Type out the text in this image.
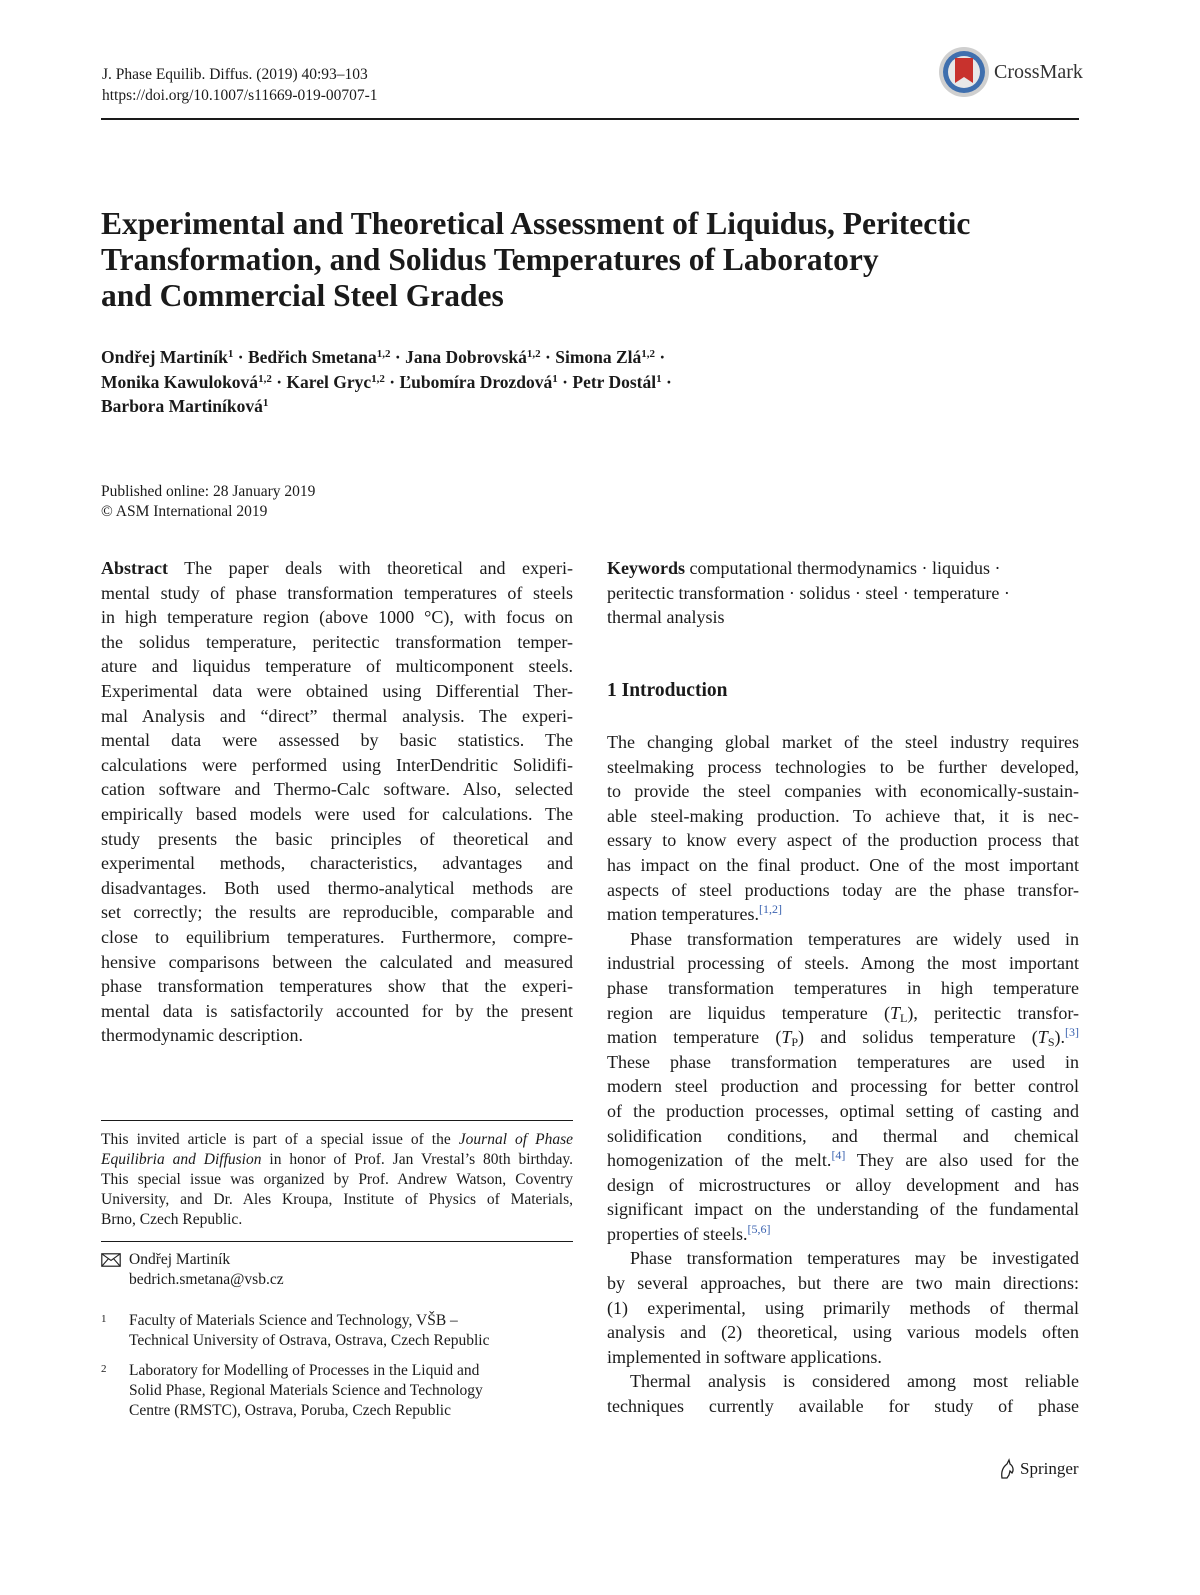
J. Phase Equilib. Diffus. (2019) 40:93–103
https://doi.org/10.1007/s11669-019-00707-1
CrossMark
Experimental and Theoretical Assessment of Liquidus, Peritectic
Transformation, and Solidus Temperatures of Laboratory
and Commercial Steel Grades
Ondřej Martiník$^1$ · Bedřich Smetana$^{1,2}$ · Jana Dobrovská$^{1,2}$ · Simona Zlá$^{1,2}$ ·
Monika Kawuloková$^{1,2}$ · Karel Gryc$^{1,2}$ · Ľubomíra Drozdová$^1$ · Petr Dostál$^1$ ·
Barbora Martiníková$^1$
Published online: 28 January 2019
© ASM International 2019
Abstract The paper deals with theoretical and experi-
mental study of phase transformation temperatures of steels
in high temperature region (above 1000 °C), with focus on
the solidus temperature, peritectic transformation temper-
ature and liquidus temperature of multicomponent steels.
Experimental data were obtained using Differential Ther-
mal Analysis and “direct” thermal analysis. The experi-
mental data were assessed by basic statistics. The
calculations were performed using InterDendritic Solidifi-
cation software and Thermo-Calc software. Also, selected
empirically based models were used for calculations. The
study presents the basic principles of theoretical and
experimental methods, characteristics, advantages and
disadvantages. Both used thermo-analytical methods are
set correctly; the results are reproducible, comparable and
close to equilibrium temperatures. Furthermore, compre-
hensive comparisons between the calculated and measured
phase transformation temperatures show that the experi-
mental data is satisfactorily accounted for by the present
thermodynamic description.
This invited article is part of a special issue of the Journal of Phase
Equilibria and Diffusion in honor of Prof. Jan Vrestal’s 80th birthday.
This special issue was organized by Prof. Andrew Watson, Coventry
University, and Dr. Ales Kroupa, Institute of Physics of Materials,
Brno, Czech Republic.
Ondřej Martiník
bedrich.smetana@vsb.cz
1 Faculty of Materials Science and Technology, VŠB –
Technical University of Ostrava, Ostrava, Czech Republic
2 Laboratory for Modelling of Processes in the Liquid and
Solid Phase, Regional Materials Science and Technology
Centre (RMSTC), Ostrava, Poruba, Czech Republic
Keywords computational thermodynamics · liquidus ·
peritectic transformation · solidus · steel · temperature ·
thermal analysis
1 Introduction
The changing global market of the steel industry requires
steelmaking process technologies to be further developed,
to provide the steel companies with economically-sustain-
able steel-making production. To achieve that, it is nec-
essary to know every aspect of the production process that
has impact on the final product. One of the most important
aspects of steel productions today are the phase transfor-
mation temperatures.[1,2]
Phase transformation temperatures are widely used in
industrial processing of steels. Among the most important
phase transformation temperatures in high temperature
region are liquidus temperature $(T_L)$, peritectic transfor-
mation temperature $(T_P)$ and solidus temperature $(T_S).[3]$
These phase transformation temperatures are used in
modern steel production and processing for better control
of the production processes, optimal setting of casting and
solidification conditions, and thermal and chemical
homogenization of the melt.[4] They are also used for the
design of microstructures or alloy development and has
significant impact on the understanding of the fundamental
properties of steels.[5,6]
Phase transformation temperatures may be investigated
by several approaches, but there are two main directions:
(1) experimental, using primarily methods of thermal
analysis and (2) theoretical, using various models often
implemented in software applications.
Thermal analysis is considered among most reliable
techniques currently available for study of phase
Springer
